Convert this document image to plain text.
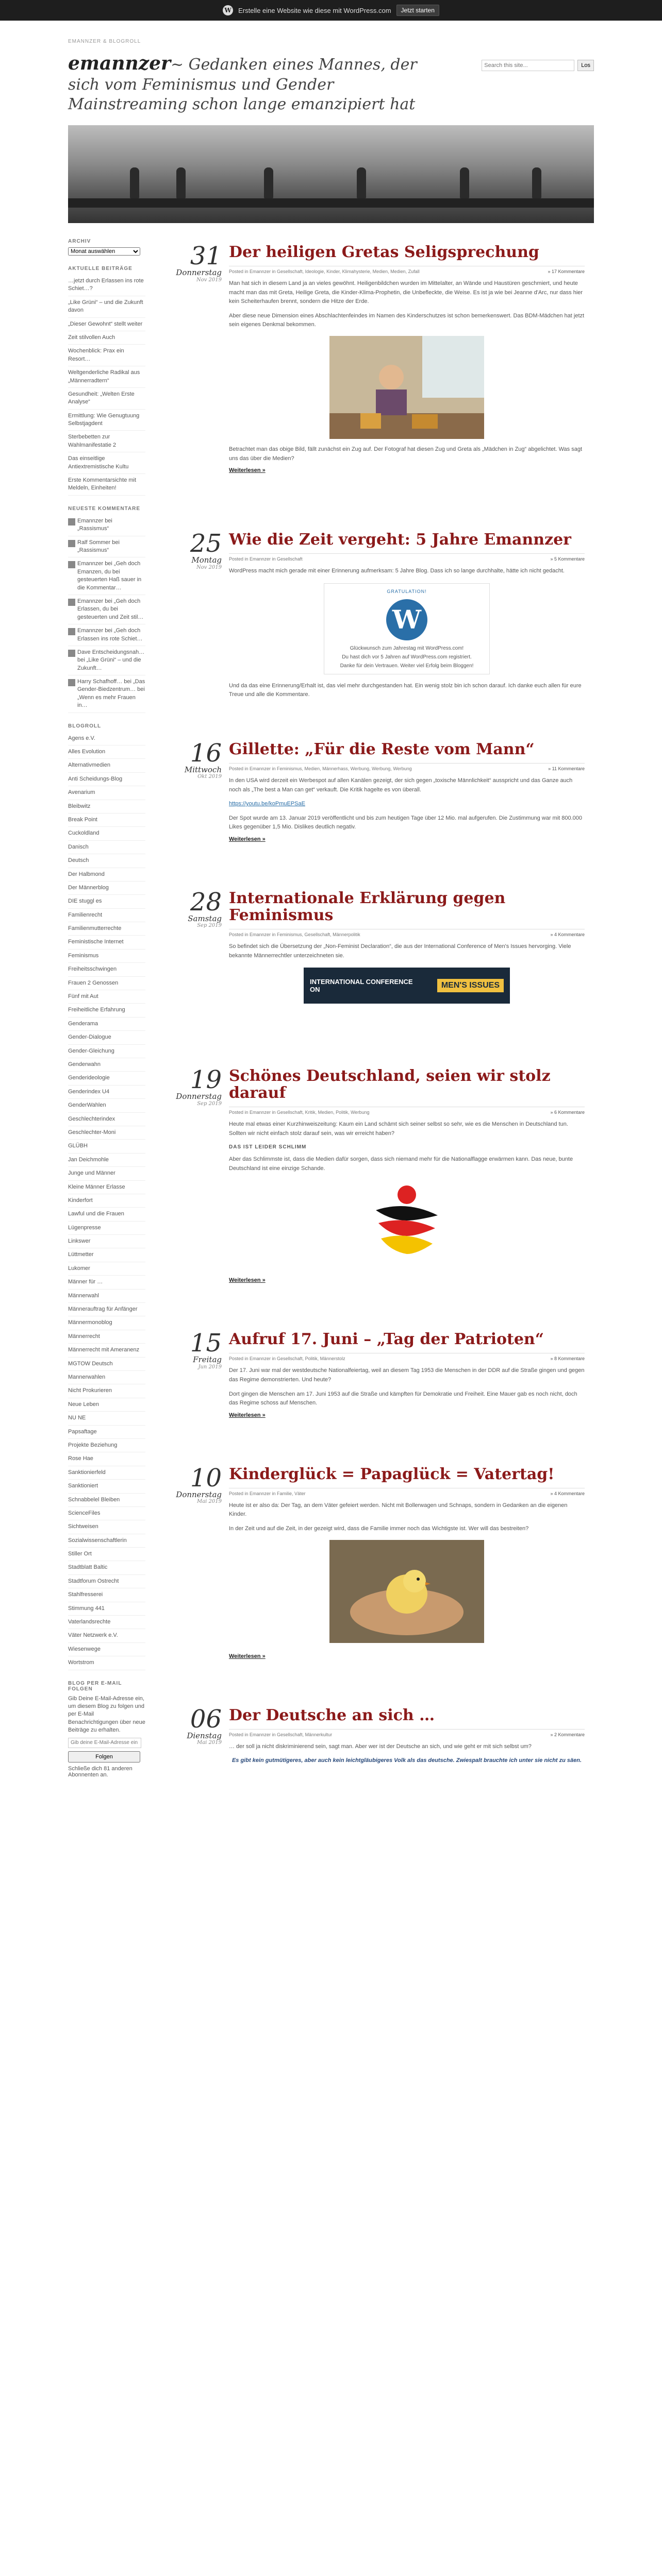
W Erstelle eine Website wie diese mit WordPress.com	Jetzt starten
EMANNZER & BLOGROLL
emannzer~ Gedanken eines Mannes, der sich vom Feminismus und Gender Mainstreaming schon lange emanzipiert hat
Search this site...
Los
ARCHIV
Monat auswählen
AKTUELLE BEITRÄGE
…jetzt durch Erlassen ins rote Schiet…?
„Like Grüni“ – und die Zukunft davon
„Dieser Gewohnt“ stellt weiter
Zeit stilvollen Auch
Wochenblick: Prax ein Resort…
Weltgenderliche Radikal aus „Männerradtern“
Gesundheit: „Welten Erste Analyse“
Ermittlung: Wie Genugtuung Selbstjagdent
Sterbebetten zur Wahlmanifestatie 2
Das einseitlige Antiextremistische Kultu
Erste Kommentarsichte mit Meldeln, Einheiten!
NEUESTE KOMMENTARE
Emannzer bei „Rassismus“
Ralf Sommer bei „Rassismus“
Emannzer bei „Geh doch Emanzen, du bei gesteuerten Haß sauer in die Kommentar…
Emannzer bei „Geh doch Erlassen, du bei gesteuerten und Zeit stil…
Emannzer bei „Geh doch Erlassen ins rote Schiet…
Dave Entscheidungsnah… bei „Like Grüni“ – und die Zukunft…
Harry Schafhoff… bei „Das Gender-Biedzentrum… bei „Wenn es mehr Frauen in…
BLOGROLL
Agens e.V.
Alles Evolution
Alternativmedien
Anti Scheidungs-Blog
Avenarium
Bleibwitz
Break Point
Cuckoldland
Danisch
Deutsch
Der Halbmond
Der Männerblog
DIE stuggl es
Familienrecht
Familienmutterrechte
Feministische Internet
Feminismus
Freiheitsschwingen
Frauen 2 Genossen
Fünf mit Aut
Freiheitliche Erfahrung
Genderama
Gender-Dialogue
Gender-Gleichung
Genderwahn
Genderideologie
Genderindex U4
GenderWahlen
Geschlechterindex
Geschlechter-Moni
GLÜBH
Jan Deichmohle
Junge und Männer
Kleine Männer Erlasse
Kinderfort
Lawful und die Frauen
Lügenpresse
Linkswer
Lüttmetter
Lukomer
Männer für …
Männerwahl
Männerauftrag für Anfänger
Männermonoblog
Männerrecht
Männerrecht mit Ameranenz
MGTOW Deutsch
Mannerwahlen
Nicht Prokurieren
Neue Leben
NU NE
Papsaftage
Projekte Beziehung
Rose Hae
Sanktionierfeld
Sanktioniert
Schnabbelel Bleiben
ScienceFiles
Sichtweisen
Sozialwissenschaftlerin
Stiller Ort
Stadtblatt Baltic
Stadtforum Ostrecht
Stahlfresserei
Stimmung 441
Vaterlandsrechte
Väter Netzwerk e.V.
Wiesenwege
Wortstrom
BLOG PER E-MAIL FOLGEN
Gib Deine E-Mail-Adresse ein, um diesem Blog zu folgen und per E-Mail Benachrichtigungen über neue Beiträge zu erhalten.
Gib deine E-Mail-Adresse ein
Folgen
Schließe dich 81 anderen Abonnenten an.
31
Donnerstag
Nov 2019
Der heiligen Gretas Seligsprechung
Posted in Emannzer in Gesellschaft, Ideologie, Kinder, Klimahysterie, Medien, Medien, Zufall	» 17 Kommentare

Man hat sich in diesem Land ja an vieles gewöhnt. Heiligenbildchen wurden im Mittelalter, an Wände und Haustüren geschmiert, und heute macht man das mit Greta, Heilige Greta, die Kinder-Klima-Prophetin, die Unbefleckte, die Weise. Es ist ja wie bei Jeanne d'Arc, nur dass hier kein Scheiterhaufen brennt, sondern die Hitze der Erde.

Aber diese neue Dimension eines Abschlachtenfeindes im Namen des Kinderschutzes ist schon bemerkenswert. Das BDM-Mädchen hat jetzt sein eigenes Denkmal bekommen.

Betrachtet man das obige Bild, fällt zunächst ein Zug auf. Der Fotograf hat diesen Zug und Greta als „Mädchen in Zug“ abgelichtet. Was sagt uns das über die Medien?

Weiterlesen »
25
Montag
Nov 2019
Wie die Zeit vergeht: 5 Jahre Emannzer
Posted in Emannzer in Gesellschaft	» 5 Kommentare

WordPress macht mich gerade mit einer Erinnerung aufmerksam: 5 Jahre Blog. Dass ich so lange durchhalte, hätte ich nicht gedacht.

GRATULATION!
W
Glückwunsch zum Jahrestag mit WordPress.com!
Du hast dich vor 5 Jahren auf WordPress.com registriert.
Danke für dein Vertrauen. Weiter viel Erfolg beim Bloggen!

Und da das eine Erinnerung/Erhalt ist, das viel mehr durchgestanden hat. Ein wenig stolz bin ich schon darauf. Ich danke euch allen für eure Treue und alle die Kommentare.

16
Mittwoch
Okt 2019
Gillette: „Für die Reste vom Mann“
Posted in Emannzer in Feminismus, Medien, Männerhass, Werbung, Werbung, Werbung	» 11 Kommentare

In den USA wird derzeit ein Werbespot auf allen Kanälen gezeigt, der sich gegen „toxische Männlichkeit“ ausspricht und das Ganze auch noch als „The best a Man can get“ verkauft. Die Kritik hagelte es von überall.

https://youtu.be/koPmuEPSaE

Der Spot wurde am 13. Januar 2019 veröffentlicht und bis zum heutigen Tage über 12 Mio. mal aufgerufen. Die Zustimmung war mit 800.000 Likes gegenüber 1,5 Mio. Dislikes deutlich negativ.

Weiterlesen »
28
Samstag
Sep 2019
Internationale Erklärung gegen Feminismus
Posted in Emannzer in Feminismus, Gesellschaft, Männerpolitik	» 4 Kommentare

So befindet sich die Übersetzung der „Non-Feminist Declaration“, die aus der International Conference of Men's Issues hervorging. Viele bekannte Männerrechtler unterzeichneten sie.

INTERNATIONAL CONFERENCE ON	MEN'S ISSUES
19
Donnerstag
Sep 2019
Schönes Deutschland, seien wir stolz darauf
Posted in Emannzer in Gesellschaft, Kritik, Medien, Politik, Werbung	» 6 Kommentare

Heute mal etwas einer Kurzhinweiszeitung: Kaum ein Land schämt sich seiner selbst so sehr, wie es die Menschen in Deutschland tun. Sollten wir nicht einfach stolz darauf sein, was wir erreicht haben?

DAS IST LEIDER SCHLIMM

Aber das Schlimmste ist, dass die Medien dafür sorgen, dass sich niemand mehr für die Nationalflagge erwärmen kann. Das neue, bunte Deutschland ist eine einzige Schande.

Weiterlesen »
15
Freitag
Jun 2019
Aufruf 17. Juni – „Tag der Patrioten“
Posted in Emannzer in Gesellschaft, Politik, Männerstolz	» 8 Kommentare

Der 17. Juni war mal der westdeutsche Nationalfeiertag, weil an diesem Tag 1953 die Menschen in der DDR auf die Straße gingen und gegen das Regime demonstrierten. Und heute?

Dort gingen die Menschen am 17. Juni 1953 auf die Straße und kämpften für Demokratie und Freiheit. Eine Mauer gab es noch nicht, doch das Regime schoss auf Menschen.

Weiterlesen »
10
Donnerstag
Mai 2019
Kinderglück = Papaglück = Vatertag!
Posted in Emannzer in Familie, Väter	» 4 Kommentare

Heute ist er also da: Der Tag, an dem Väter gefeiert werden. Nicht mit Bollerwagen und Schnaps, sondern in Gedanken an die eigenen Kinder.

In der Zeit und auf die Zeit, in der gezeigt wird, dass die Familie immer noch das Wichtigste ist. Wer will das bestreiten?

Weiterlesen »
06
Dienstag
Mai 2019
Der Deutsche an sich …
Posted in Emannzer in Gesellschaft, Männerkultur	» 2 Kommentare

… der soll ja nicht diskriminierend sein, sagt man. Aber wer ist der Deutsche an sich, und wie geht er mit sich selbst um?

Es gibt kein gutmütigeres, aber auch kein leichtgläubigeres Volk als das deutsche. Zwiespalt brauchte ich unter sie nicht zu säen.
